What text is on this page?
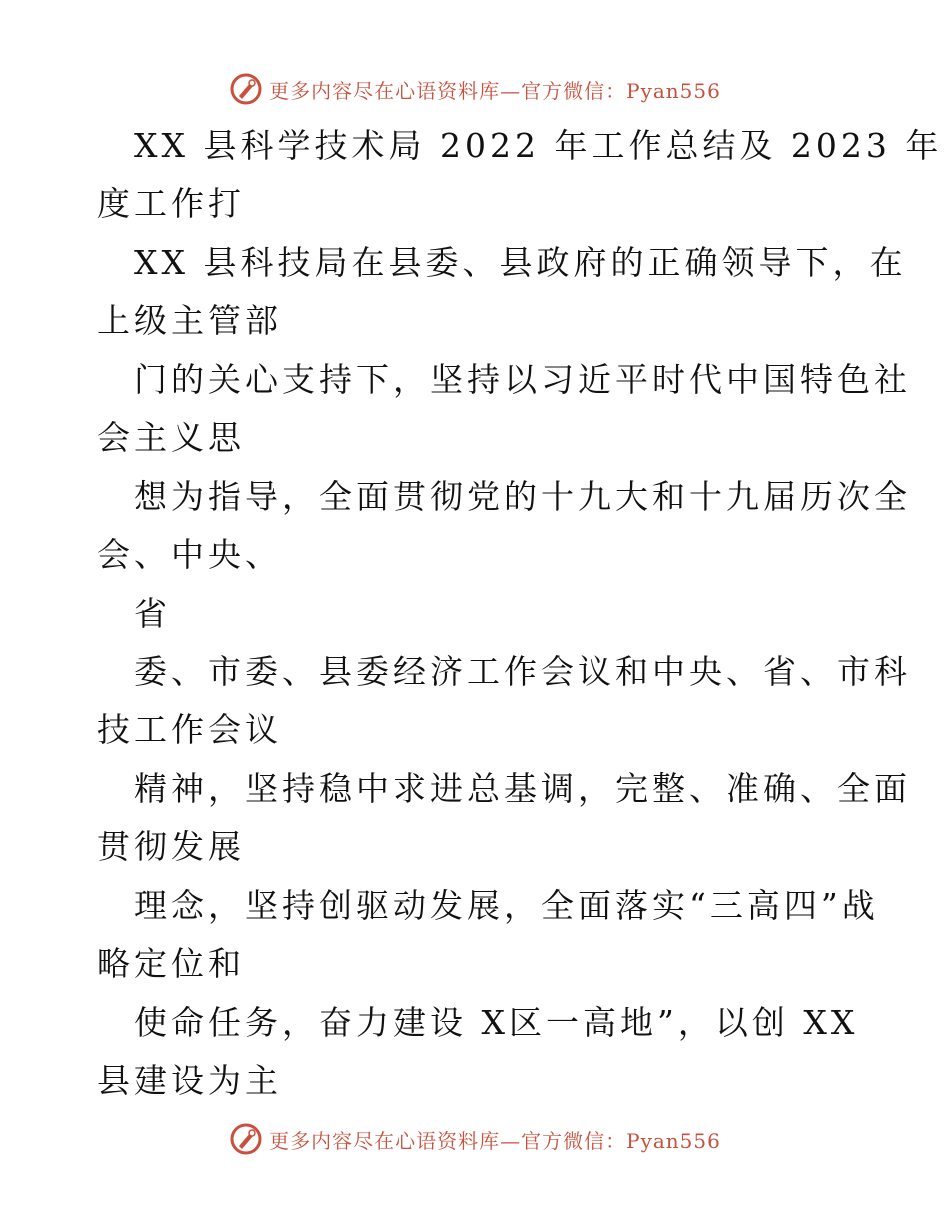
更多内容尽在心语资料库—官方微信：Pyan556
XX 县科学技术局 2022 年工作总结及 2023 年
度工作打
XX 县科技局在县委、县政府的正确领导下，在
上级主管部
门的关心支持下，坚持以习近平时代中国特色社
会主义思
想为指导，全面贯彻党的十九大和十九届历次全
会、中央、
省
委、市委、县委经济工作会议和中央、省、市科
技工作会议
精神，坚持稳中求进总基调，完整、准确、全面
贯彻发展
理念，坚持创驱动发展，全面落实“三高四”战
略定位和
使命任务，奋力建设 X区一高地”，以创 XX
县建设为主
更多内容尽在心语资料库—官方微信：Pyan556
